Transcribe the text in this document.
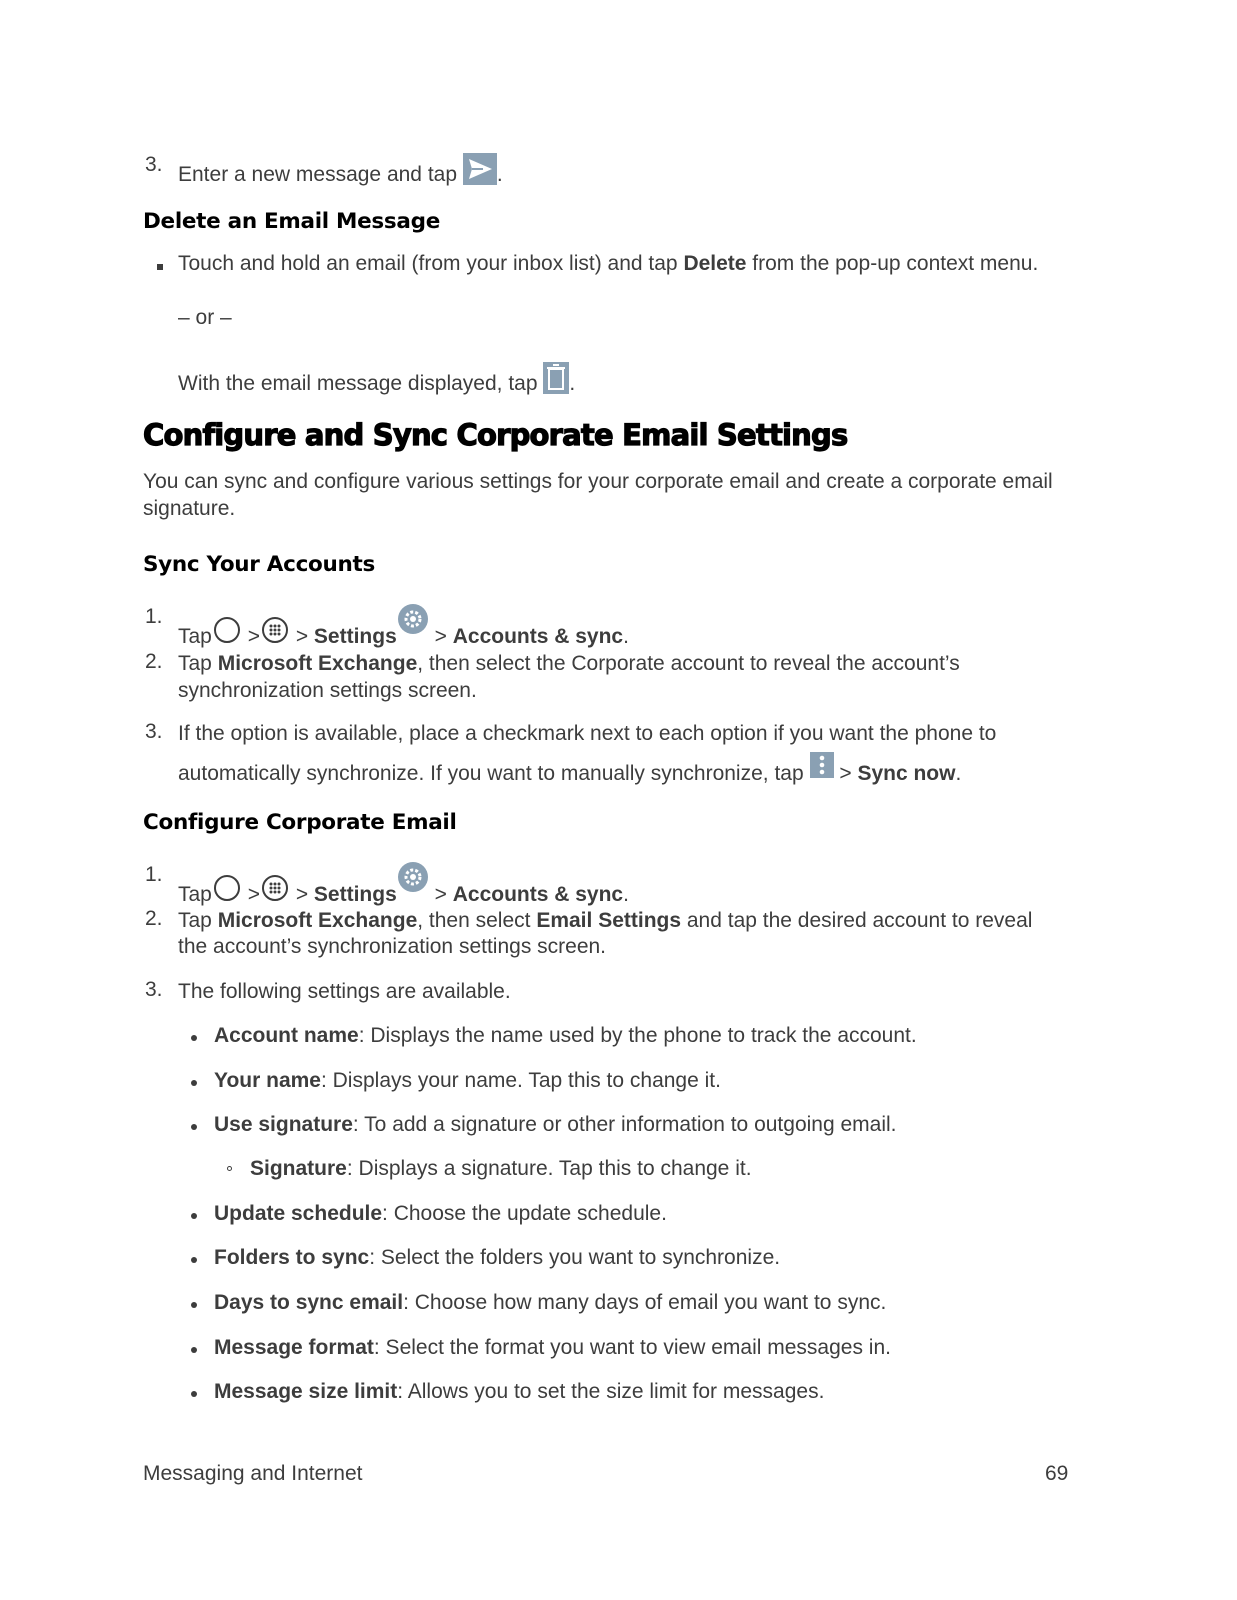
3. Enter a new message and tap .
Delete an Email Message
Touch and hold an email (from your inbox list) and tap Delete from the pop-up context menu.
– or –
With the email message displayed, tap .
Configure and Sync Corporate Email Settings
You can sync and configure various settings for your corporate email and create a corporate email signature.
Sync Your Accounts
1.
Tap > > Settings > Accounts & sync.
2. Tap Microsoft Exchange, then select the Corporate account to reveal the account’s
synchronization settings screen.
3. If the option is available, place a checkmark next to each option if you want the phone to
automatically synchronize. If you want to manually synchronize, tap > Sync now.
Configure Corporate Email
1.
Tap > > Settings > Accounts & sync.
2. Tap Microsoft Exchange, then select Email Settings and tap the desired account to reveal
the account’s synchronization settings screen.
3. The following settings are available.
Account name: Displays the name used by the phone to track the account.
Your name: Displays your name. Tap this to change it.
Use signature: To add a signature or other information to outgoing email.
Signature: Displays a signature. Tap this to change it.
Update schedule: Choose the update schedule.
Folders to sync: Select the folders you want to synchronize.
Days to sync email: Choose how many days of email you want to sync.
Message format: Select the format you want to view email messages in.
Message size limit: Allows you to set the size limit for messages.
Messaging and Internet	69
